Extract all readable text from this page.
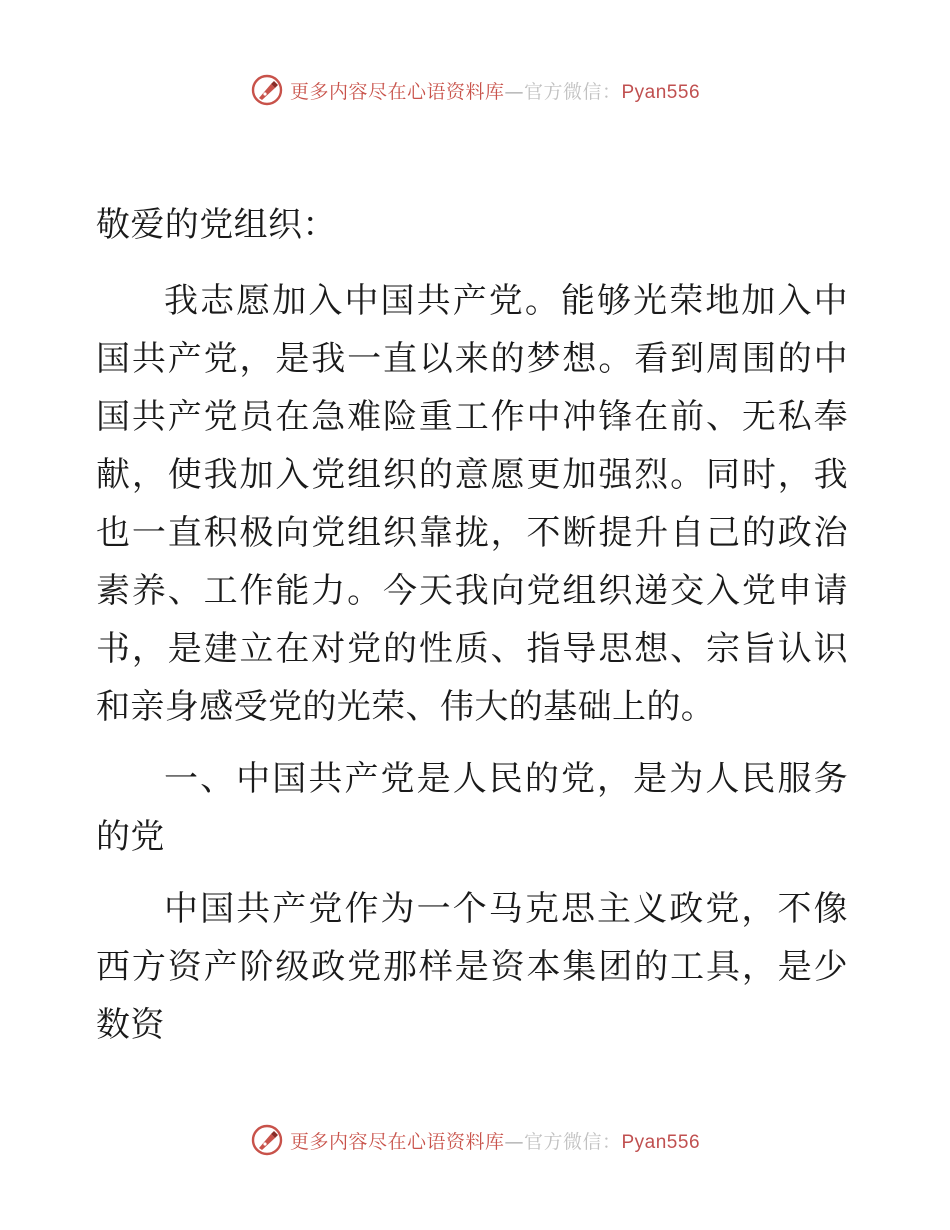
更多内容尽在心语资料库—官方微信：Pyan556

敬爱的党组织：

我志愿加入中国共产党。能够光荣地加入中国共产党，是我一直以来的梦想。看到周围的中国共产党员在急难险重工作中冲锋在前、无私奉献，使我加入党组织的意愿更加强烈。同时，我也一直积极向党组织靠拢，不断提升自己的政治素养、工作能力。今天我向党组织递交入党申请书，是建立在对党的性质、指导思想、宗旨认识和亲身感受党的光荣、伟大的基础上的。

一、中国共产党是人民的党，是为人民服务的党

中国共产党作为一个马克思主义政党，不像西方资产阶级政党那样是资本集团的工具，是少数资

更多内容尽在心语资料库—官方微信：Pyan556
